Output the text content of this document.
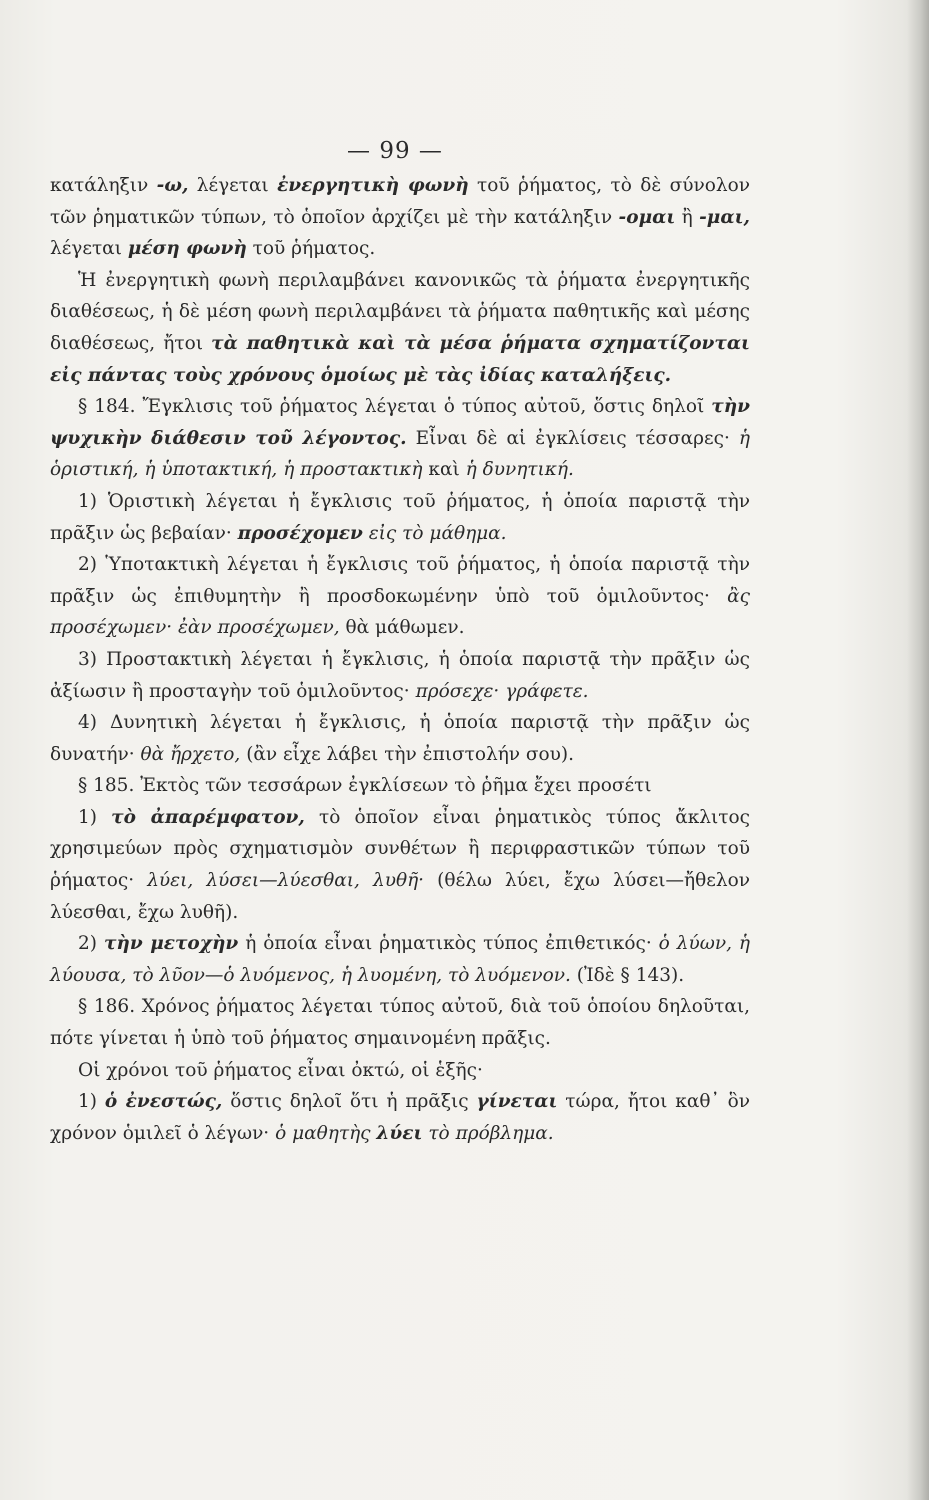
— 99 —

κατάληξιν -ω, λέγεται ἐνεργητικὴ φωνὴ τοῦ ῥήματος, τὸ δὲ σύνολον τῶν ῥηματικῶν τύπων, τὸ ὁποῖον ἀρχίζει μὲ τὴν κατάληξιν -ομαι ἢ -μαι, λέγεται μέση φωνὴ τοῦ ῥήματος.

Ἡ ἐνεργητικὴ φωνὴ περιλαμβάνει κανονικῶς τὰ ῥήματα ἐνεργητικῆς διαθέσεως, ἡ δὲ μέση φωνὴ περιλαμβάνει τὰ ῥήματα παθητικῆς καὶ μέσης διαθέσεως, ἤτοι τὰ παθητικὰ καὶ τὰ μέσα ῥήματα σχηματίζονται εἰς πάντας τοὺς χρόνους ὁμοίως μὲ τὰς ἰδίας καταλήξεις.

§ 184. Ἔγκλισις τοῦ ῥήματος λέγεται ὁ τύπος αὐτοῦ, ὅστις δηλοῖ τὴν ψυχικὴν διάθεσιν τοῦ λέγοντος. Εἶναι δὲ αἱ ἐγκλίσεις τέσσαρες· ἡ ὁριστική, ἡ ὑποτακτική, ἡ προστακτικὴ καὶ ἡ δυνητική.

1) Ὁριστικὴ λέγεται ἡ ἔγκλισις τοῦ ῥήματος, ἡ ὁποία παριστᾷ τὴν πρᾶξιν ὡς βεβαίαν· προσέχομεν εἰς τὸ μάθημα.

2) Ὑποτακτικὴ λέγεται ἡ ἔγκλισις τοῦ ῥήματος, ἡ ὁποία παριστᾷ τὴν πρᾶξιν ὡς ἐπιθυμητὴν ἢ προσδοκωμένην ὑπὸ τοῦ ὁμιλοῦντος· ἂς προσέχωμεν· ἐὰν προσέχωμεν, θὰ μάθωμεν.

3) Προστακτικὴ λέγεται ἡ ἔγκλισις, ἡ ὁποία παριστᾷ τὴν πρᾶξιν ὡς ἀξίωσιν ἢ προσταγὴν τοῦ ὁμιλοῦντος· πρόσεχε· γράφετε.

4) Δυνητικὴ λέγεται ἡ ἔγκλισις, ἡ ὁποία παριστᾷ τὴν πρᾶξιν ὡς δυνατήν· θὰ ἤρχετο, (ἂν εἶχε λάβει τὴν ἐπιστολήν σου).

§ 185. Ἐκτὸς τῶν τεσσάρων ἐγκλίσεων τὸ ῥῆμα ἔχει προσέτι

1) τὸ ἀπαρέμφατον, τὸ ὁποῖον εἶναι ῥηματικὸς τύπος ἄκλιτος χρησιμεύων πρὸς σχηματισμὸν συνθέτων ἢ περιφραστικῶν τύπων τοῦ ῥήματος· λύει, λύσει—λύεσθαι, λυθῆ· (θέλω λύει, ἔχω λύσει—ἤθελον λύεσθαι, ἔχω λυθῆ).

2) τὴν μετοχὴν ἡ ὁποία εἶναι ῥηματικὸς τύπος ἐπιθετικός· ὁ λύων, ἡ λύουσα, τὸ λῦον—ὁ λυόμενος, ἡ λυομένη, τὸ λυόμενον. (Ἰδὲ § 143).

§ 186. Χρόνος ῥήματος λέγεται τύπος αὐτοῦ, διὰ τοῦ ὁποίου δηλοῦται, πότε γίνεται ἡ ὑπὸ τοῦ ῥήματος σημαινομένη πρᾶξις.

Οἱ χρόνοι τοῦ ῥήματος εἶναι ὀκτώ, οἱ ἑξῆς·

1) ὁ ἐνεστώς, ὅστις δηλοῖ ὅτι ἡ πρᾶξις γίνεται τώρα, ἤτοι καθ᾽ ὃν χρόνον ὁμιλεῖ ὁ λέγων· ὁ μαθητὴς λύει τὸ πρόβλημα.
